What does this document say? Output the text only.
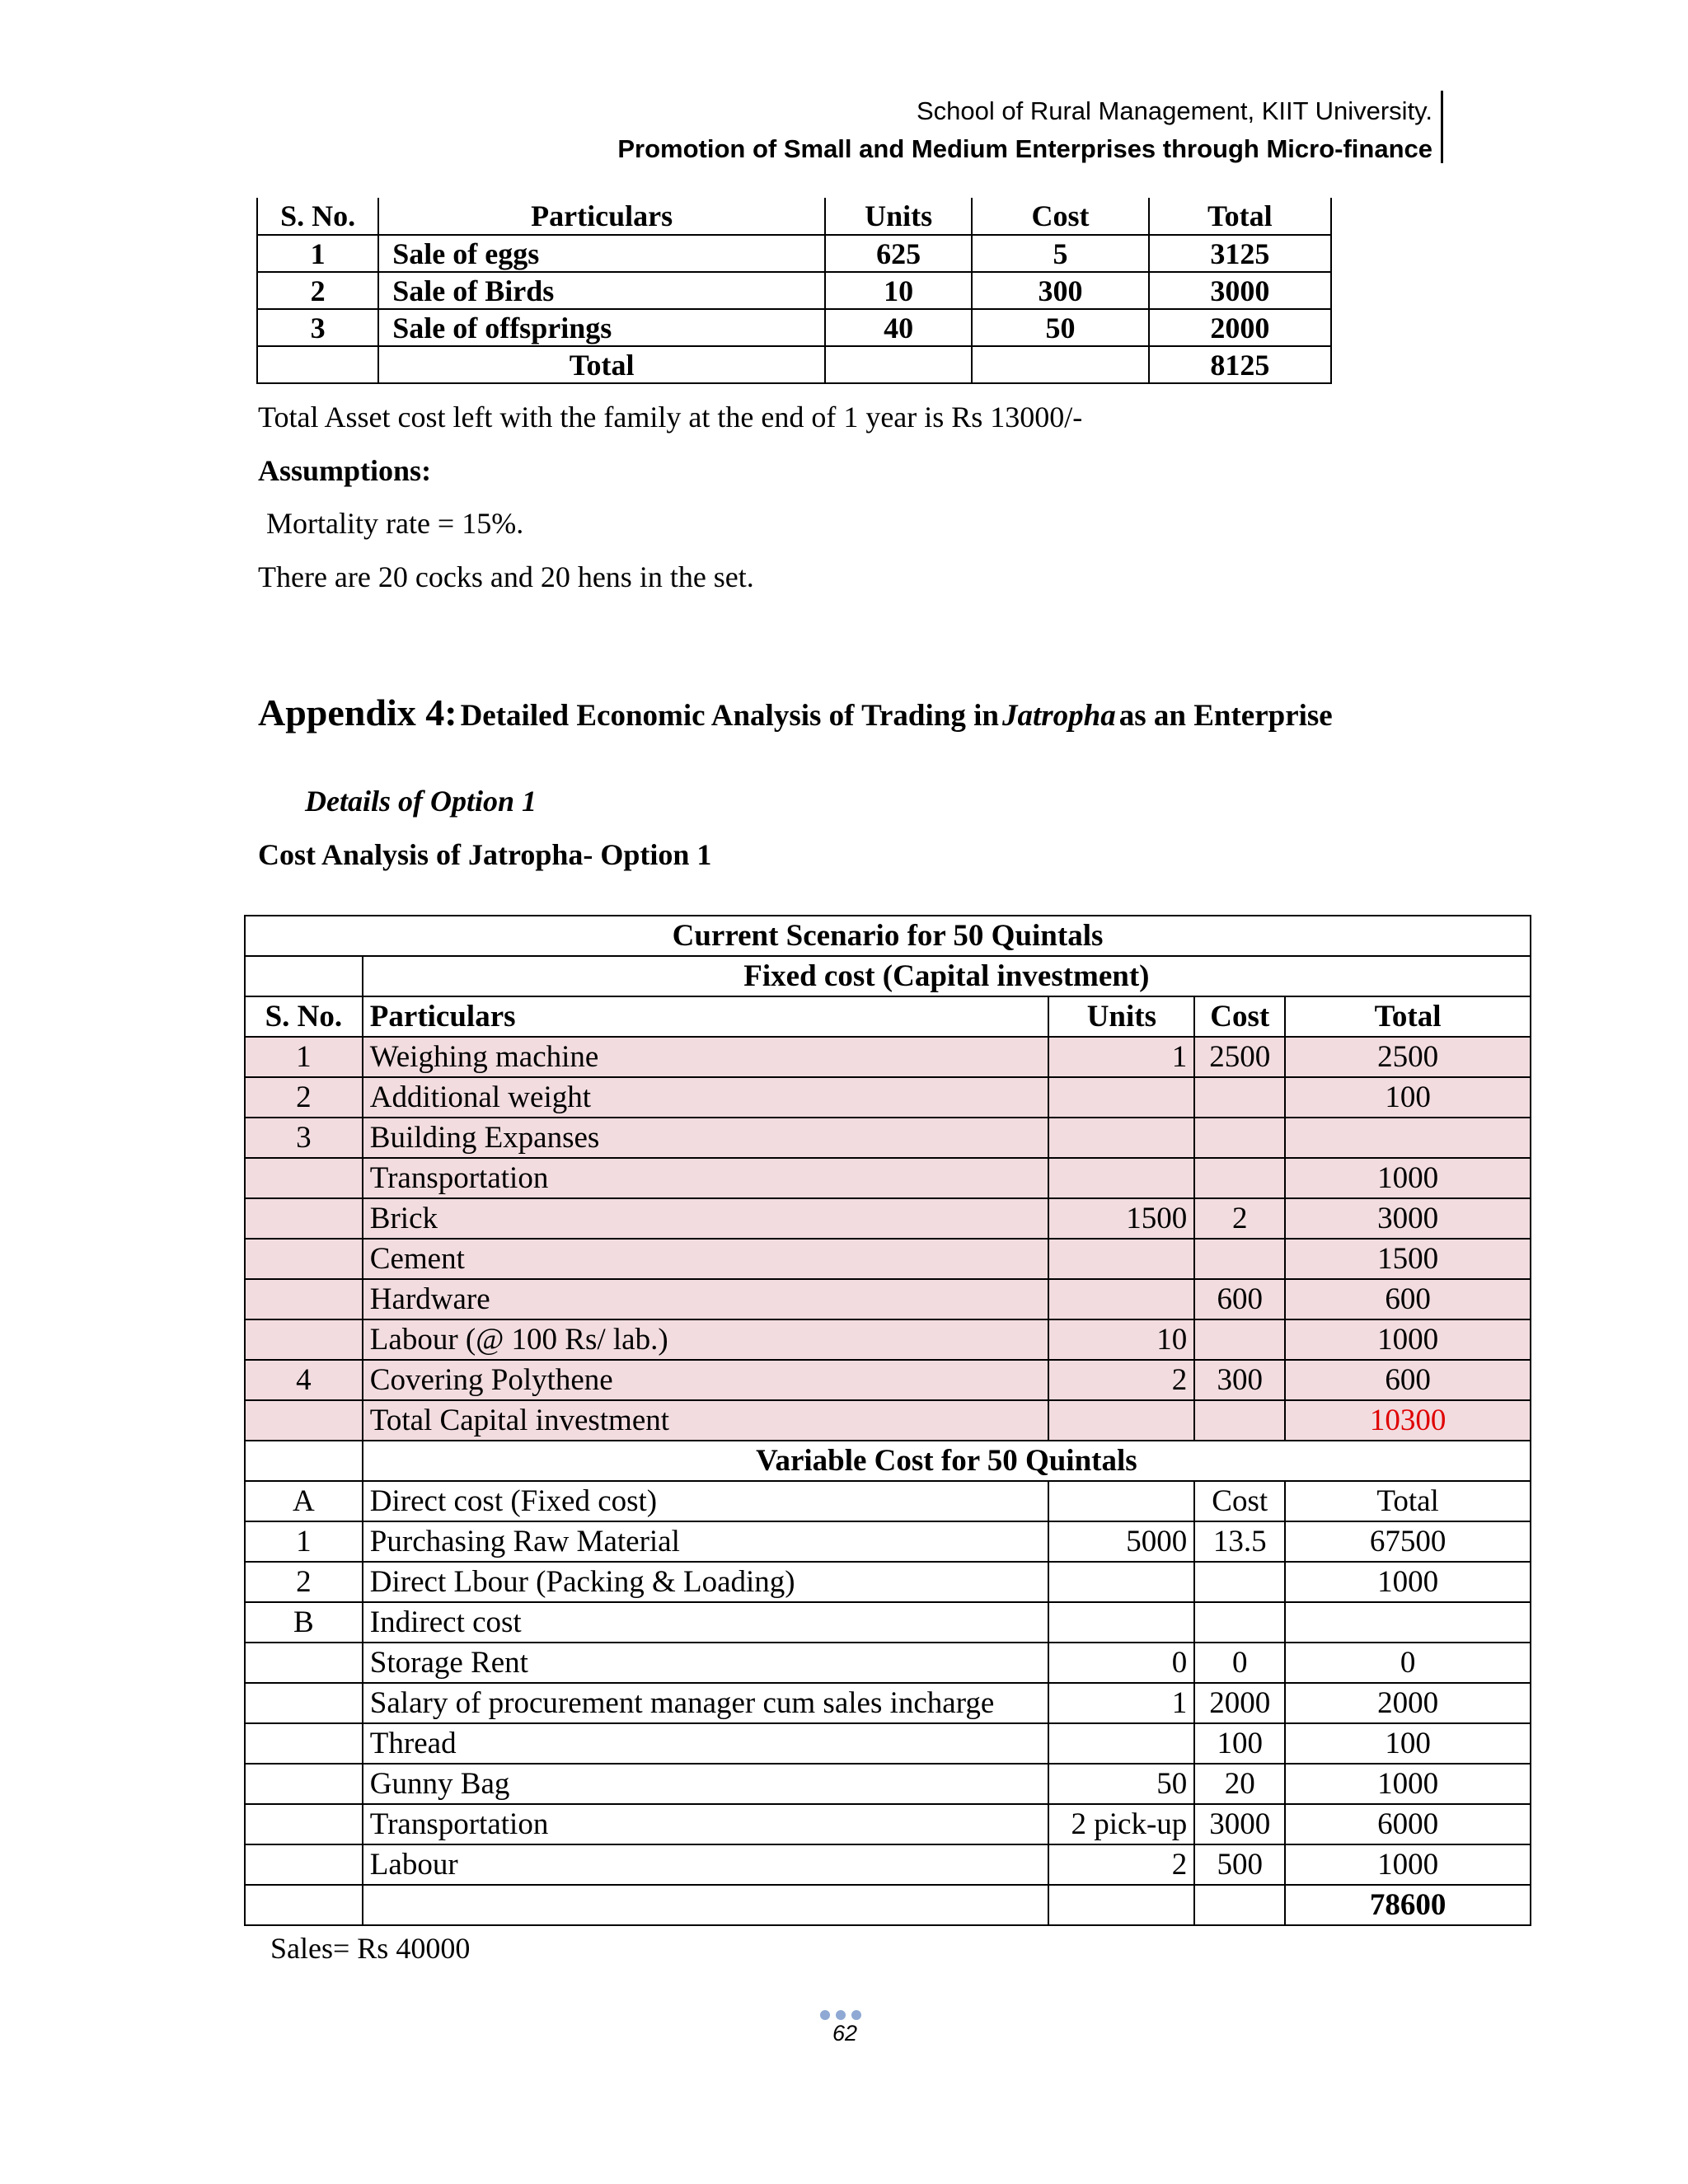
School of Rural Management, KIIT University.
Promotion of Small and Medium Enterprises through Micro-finance
S. No.	Particulars	Units	Cost	Total
1	Sale of eggs	625	5	3125
2	Sale of Birds	10	300	3000
3	Sale of offsprings	40	50	2000
	Total			8125
Total Asset cost left with the family at the end of 1 year is Rs 13000/-
Assumptions:
Mortality rate = 15%.
There are 20 cocks and 20 hens in the set.
Appendix 4: Detailed Economic Analysis of Trading in Jatropha as an Enterprise
Details of Option 1
Cost Analysis of Jatropha- Option 1
Current Scenario for 50 Quintals				
	Fixed cost (Capital investment)			
S. No.	Particulars	Units	Cost	Total
1	Weighing machine	1	2500	2500
2	Additional weight			100
3	Building Expanses			
	Transportation			1000
	Brick	1500	2	3000
	Cement			1500
	Hardware		600	600
	Labour (@ 100 Rs/ lab.)	10		1000
4	Covering Polythene	2	300	600
	Total Capital investment			10300
	Variable Cost for 50 Quintals			
A	Direct cost (Fixed cost)		Cost	Total
1	Purchasing Raw Material	5000	13.5	67500
2	Direct Lbour (Packing & Loading)			1000
B	Indirect cost			
	Storage Rent	0	0	0
	Salary of procurement manager cum sales incharge	1	2000	2000
	Thread		100	100
	Gunny Bag	50	20	1000
	Transportation	2 pick-up	3000	6000
	Labour	2	500	1000
				78600
Sales= Rs 40000
62
